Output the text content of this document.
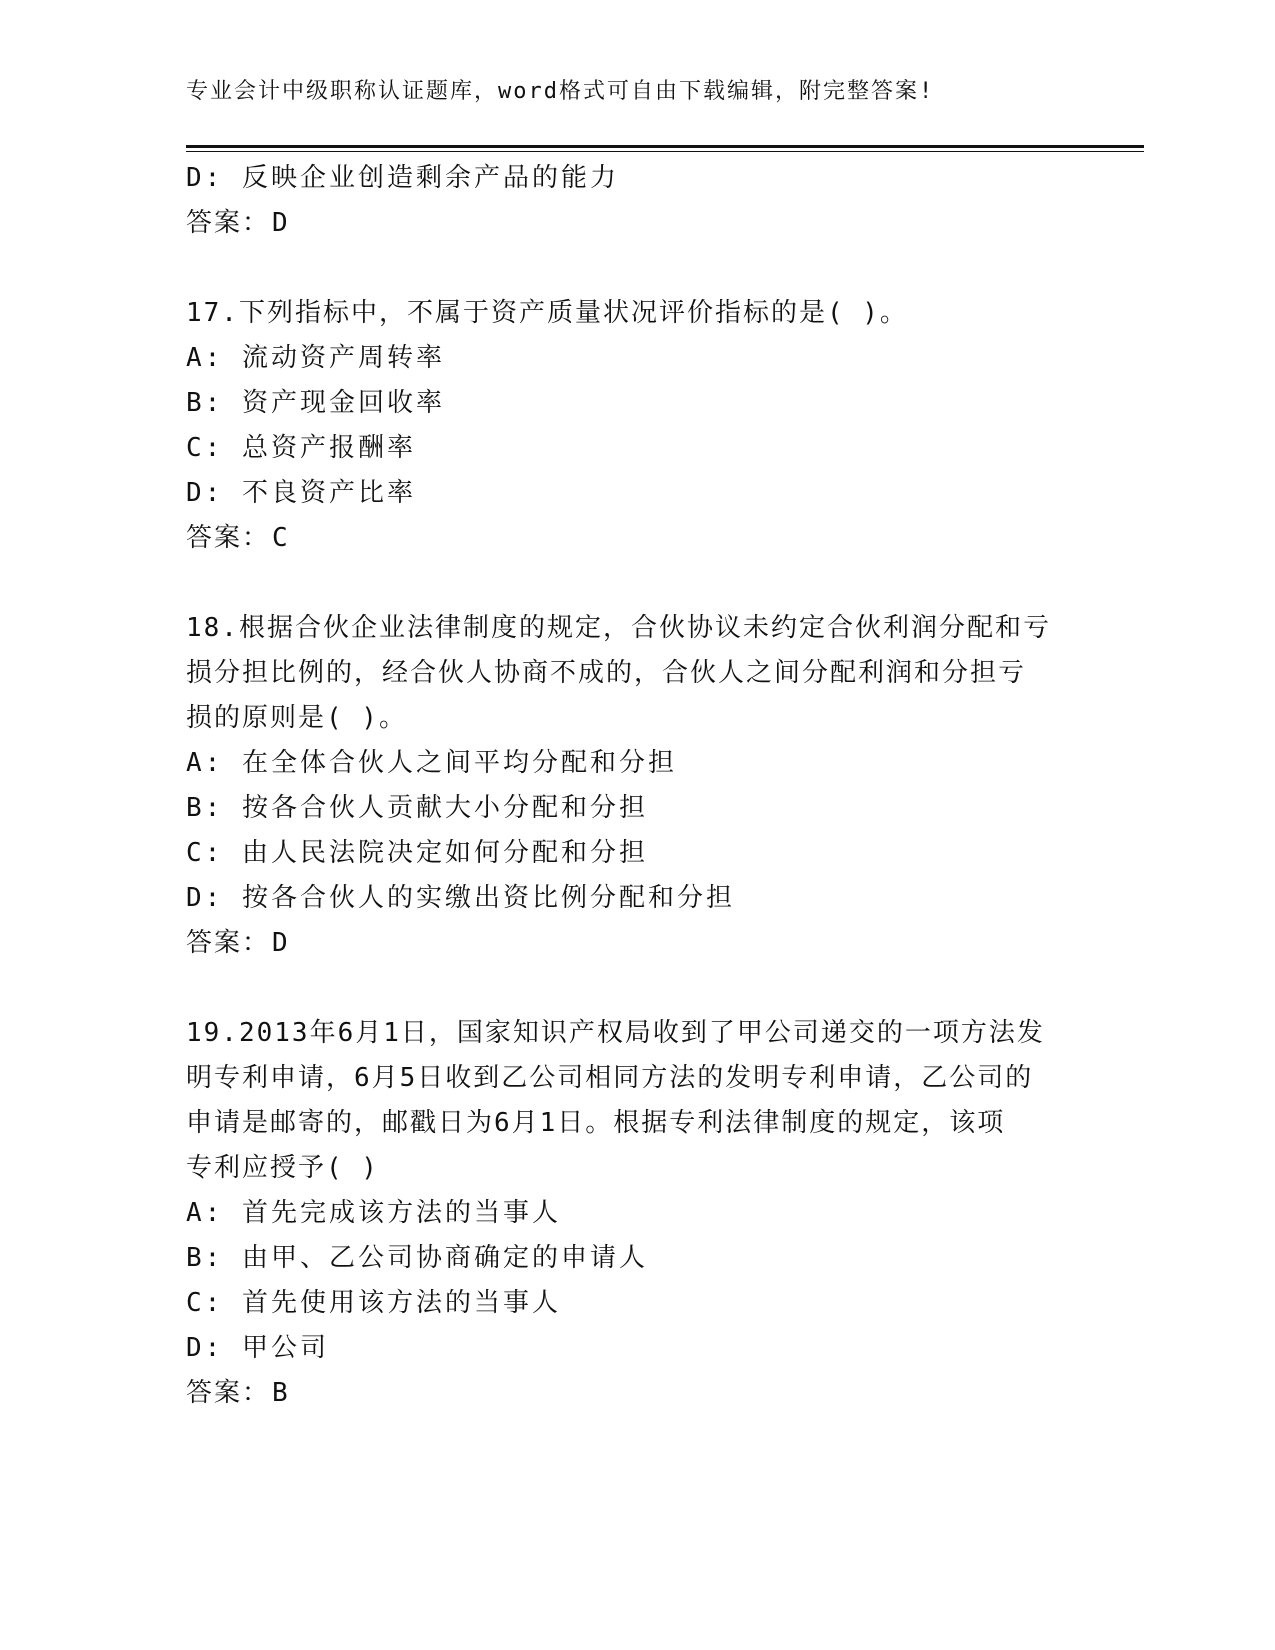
专业会计中级职称认证题库，word格式可自由下载编辑，附完整答案!
D: 反映企业创造剩余产品的能力
答案：D
17.下列指标中，不属于资产质量状况评价指标的是( )。
A: 流动资产周转率
B: 资产现金回收率
C: 总资产报酬率
D: 不良资产比率
答案：C
18.根据合伙企业法律制度的规定，合伙协议未约定合伙利润分配和亏
损分担比例的，经合伙人协商不成的，合伙人之间分配利润和分担亏
损的原则是( )。
A: 在全体合伙人之间平均分配和分担
B: 按各合伙人贡献大小分配和分担
C: 由人民法院决定如何分配和分担
D: 按各合伙人的实缴出资比例分配和分担
答案：D
19.2013年6月1日，国家知识产权局收到了甲公司递交的一项方法发
明专利申请，6月5日收到乙公司相同方法的发明专利申请，乙公司的
申请是邮寄的，邮戳日为6月1日。根据专利法律制度的规定，该项
专利应授予( )
A: 首先完成该方法的当事人
B: 由甲、乙公司协商确定的申请人
C: 首先使用该方法的当事人
D: 甲公司
答案：B
